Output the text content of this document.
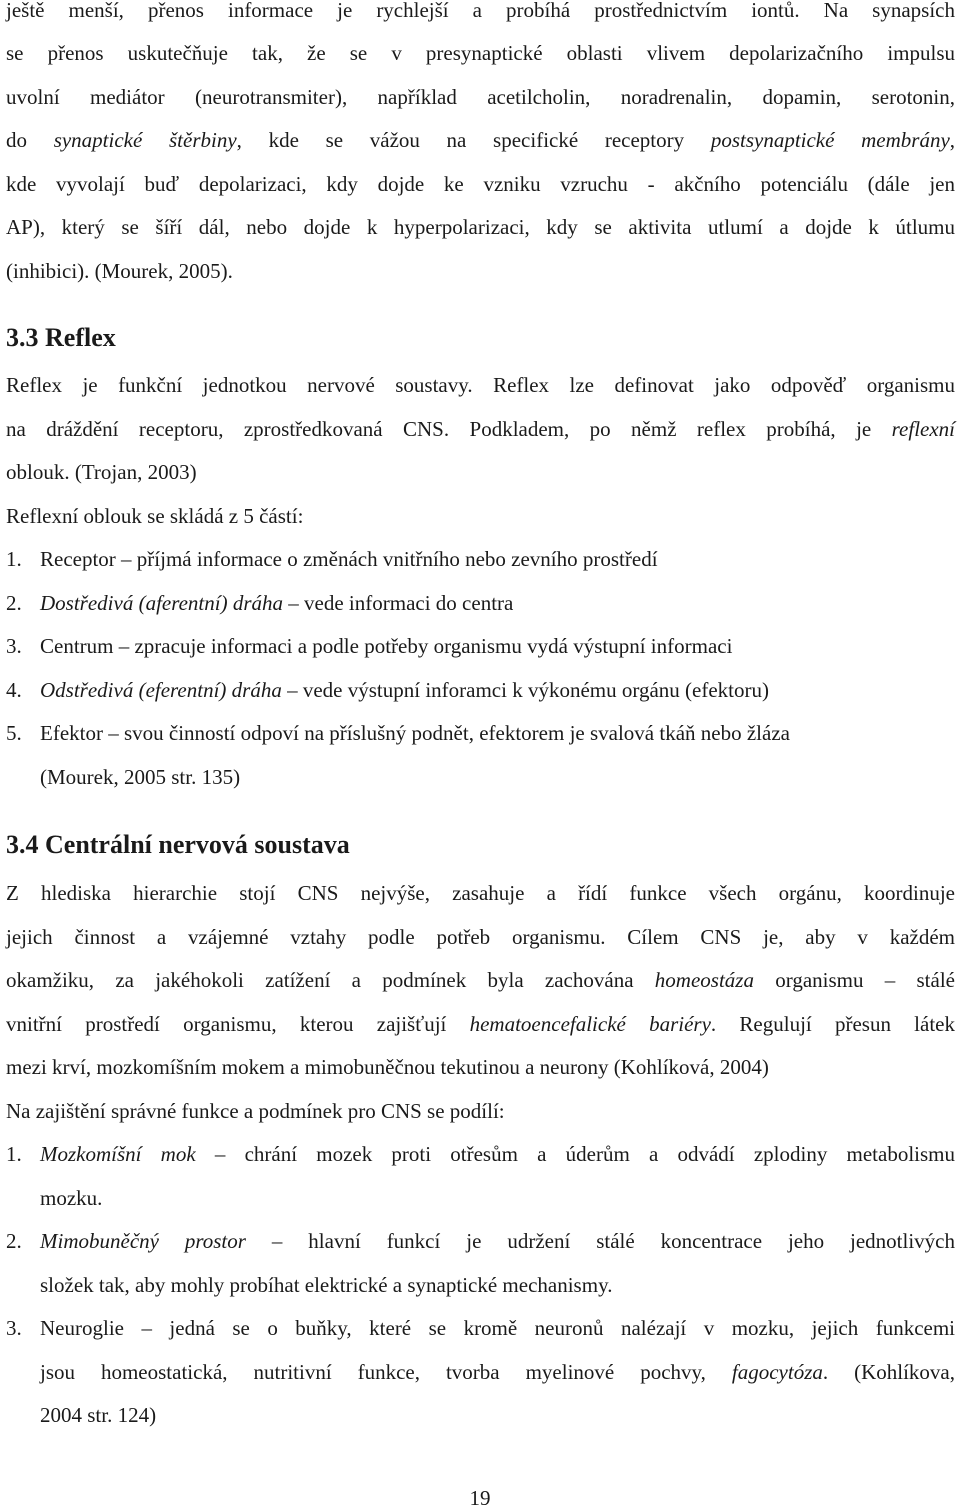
ještě menší, přenos informace je rychlejší a probíhá prostřednictvím iontů. Na synapsích
se přenos uskutečňuje tak, že se v presynaptické oblasti vlivem depolarizačního impulsu
uvolní mediátor (neurotransmiter), například acetilcholin, noradrenalin, dopamin, serotonin,
do synaptické štěrbiny, kde se vážou na specifické receptory postsynaptické membrány,
kde vyvolají buď depolarizaci, kdy dojde ke vzniku vzruchu - akčního potenciálu (dále jen
AP), který se šíří dál, nebo dojde k hyperpolarizaci, kdy se aktivita utlumí a dojde k útlumu
(inhibici). (Mourek, 2005).
3.3 Reflex
Reflex je funkční jednotkou nervové soustavy. Reflex lze definovat jako odpověď organismu
na dráždění receptoru, zprostředkovaná CNS. Podkladem, po němž reflex probíhá, je reflexní
oblouk. (Trojan, 2003)
Reflexní oblouk se skládá z 5 částí:
1. Receptor – příjmá informace o změnách vnitřního nebo zevního prostředí
2. Dostředivá (aferentní) dráha – vede informaci do centra
3. Centrum – zpracuje informaci a podle potřeby organismu vydá výstupní informaci
4. Odstředivá (eferentní) dráha – vede výstupní inforamci k výkonému orgánu (efektoru)
5. Efektor – svou činností odpoví na příslušný podnět, efektorem je svalová tkáň nebo žláza
(Mourek, 2005 str. 135)
3.4 Centrální nervová soustava
Z hlediska hierarchie stojí CNS nejvýše, zasahuje a řídí funkce všech orgánu, koordinuje
jejich činnost a vzájemné vztahy podle potřeb organismu. Cílem CNS je, aby v každém
okamžiku, za jakéhokoli zatížení a podmínek byla zachována homeostáza organismu – stálé
vnitřní prostředí organismu, kterou zajišťují hematoencefalické bariéry. Regulují přesun látek
mezi krví, mozkomíšním mokem a mimobuněčnou tekutinou a neurony (Kohlíková, 2004)
Na zajištění správné funkce a podmínek pro CNS se podílí:
1. Mozkomíšní mok – chrání mozek proti otřesům a úderům a odvádí zplodiny metabolismu
mozku.
2. Mimobuněčný prostor – hlavní funkcí je udržení stálé koncentrace jeho jednotlivých
složek tak, aby mohly probíhat elektrické a synaptické mechanismy.
3. Neuroglie – jedná se o buňky, které se kromě neuronů nalézají v mozku, jejich funkcemi
jsou homeostatická, nutritivní funkce, tvorba myelinové pochvy, fagocytóza. (Kohlíkova,
2004 str. 124)
19
